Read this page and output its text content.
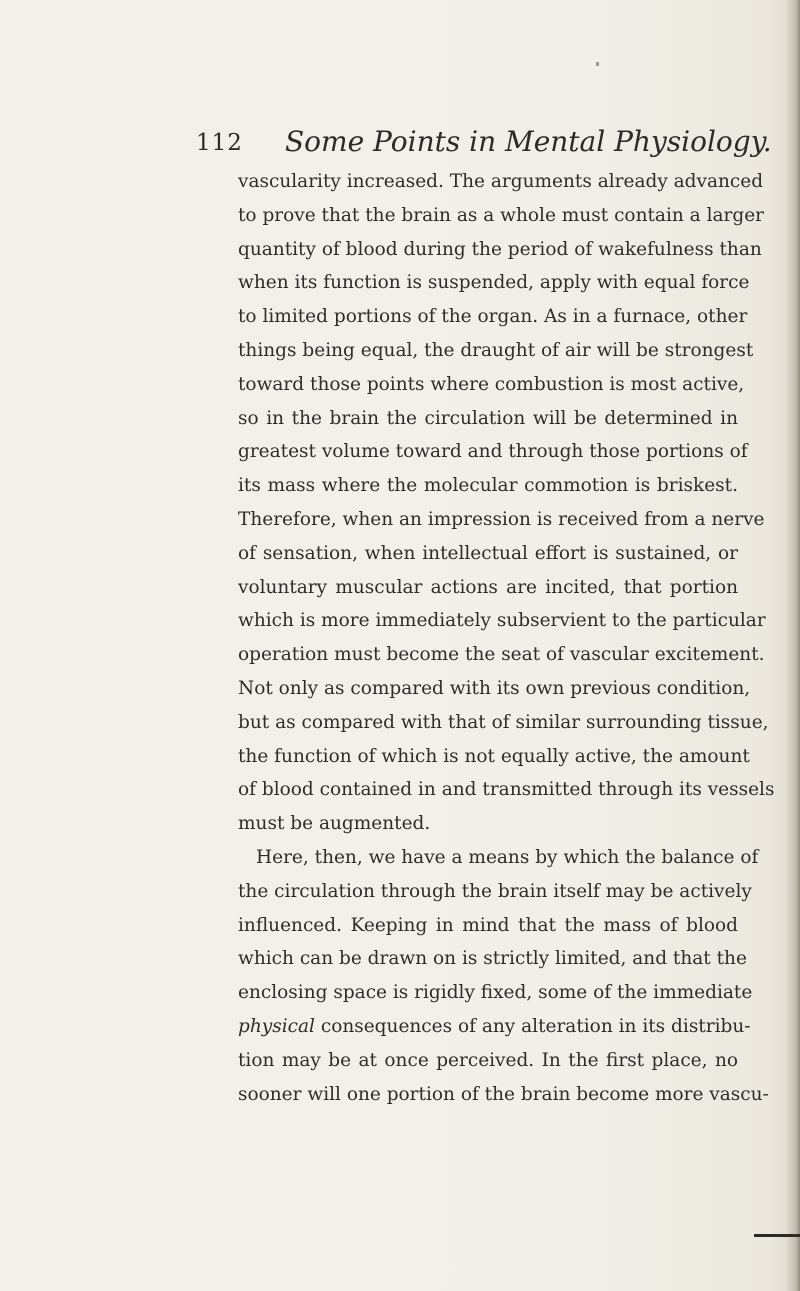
112 Some Points in Mental Physiology.
vascularity increased. The arguments already advanced
to prove that the brain as a whole must contain a larger
quantity of blood during the period of wakefulness than
when its function is suspended, apply with equal force
to limited portions of the organ. As in a furnace, other
things being equal, the draught of air will be strongest
toward those points where combustion is most active,
so in the brain the circulation will be determined in
greatest volume toward and through those portions of
its mass where the molecular commotion is briskest.
Therefore, when an impression is received from a nerve
of sensation, when intellectual effort is sustained, or
voluntary muscular actions are incited, that portion
which is more immediately subservient to the particular
operation must become the seat of vascular excitement.
Not only as compared with its own previous condition,
but as compared with that of similar surrounding tissue,
the function of which is not equally active, the amount
of blood contained in and transmitted through its vessels
must be augmented.
Here, then, we have a means by which the balance of
the circulation through the brain itself may be actively
influenced. Keeping in mind that the mass of blood
which can be drawn on is strictly limited, and that the
enclosing space is rigidly fixed, some of the immediate
physical consequences of any alteration in its distribu-
tion may be at once perceived. In the first place, no
sooner will one portion of the brain become more vascu-
